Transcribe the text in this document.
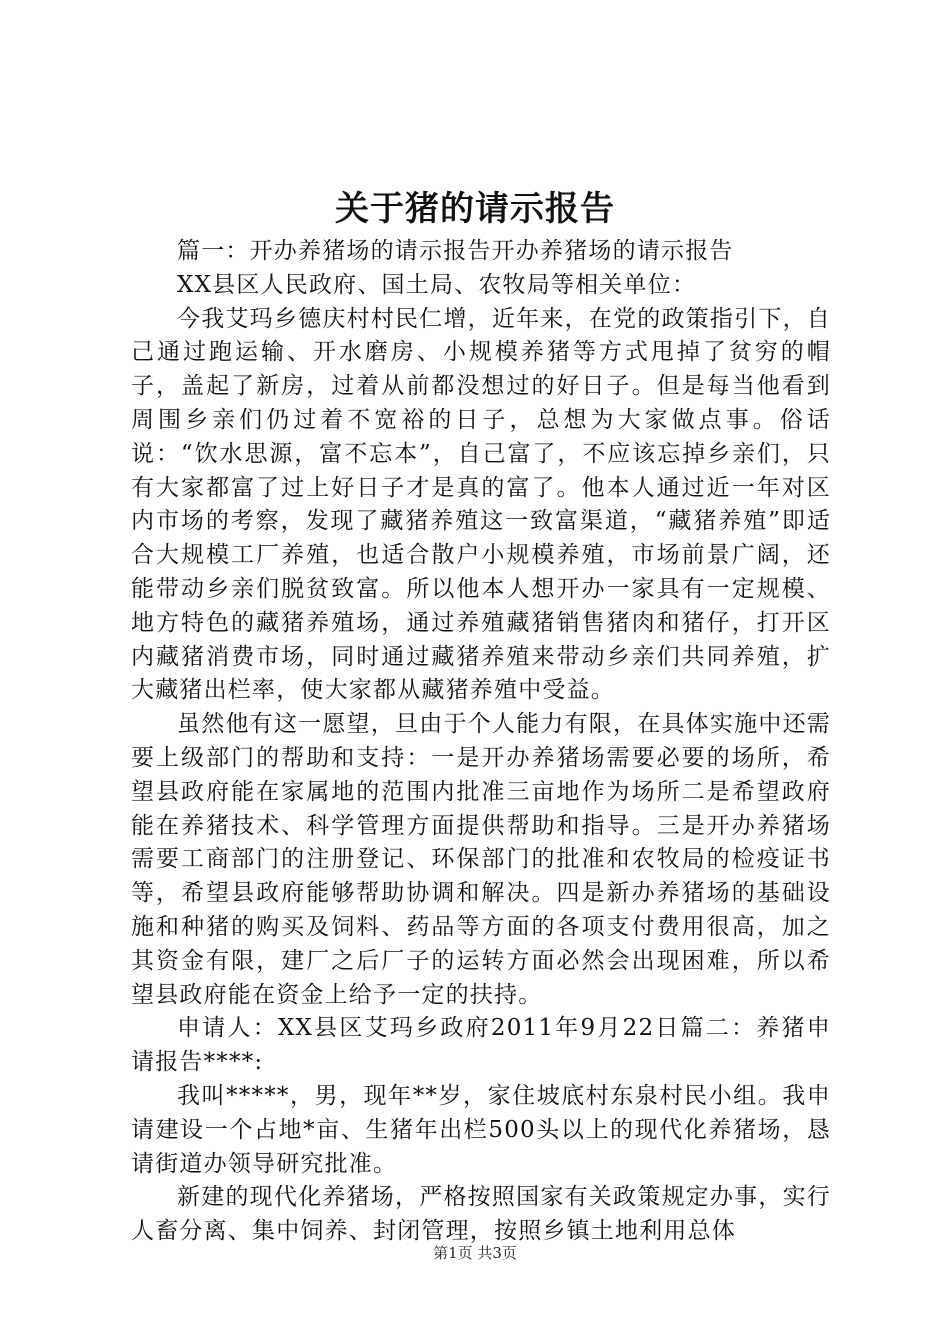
关于猪的请示报告

篇一：开办养猪场的请示报告开办养猪场的请示报告

XX县区人民政府、国土局、农牧局等相关单位：

今我艾玛乡德庆村村民仁增，近年来，在党的政策指引下，自己通过跑运输、开水磨房、小规模养猪等方式甩掉了贫穷的帽子，盖起了新房，过着从前都没想过的好日子。但是每当他看到周围乡亲们仍过着不宽裕的日子，总想为大家做点事。俗话说：“饮水思源，富不忘本”，自己富了，不应该忘掉乡亲们，只有大家都富了过上好日子才是真的富了。他本人通过近一年对区内市场的考察，发现了藏猪养殖这一致富渠道，“藏猪养殖”即适合大规模工厂养殖，也适合散户小规模养殖，市场前景广阔，还能带动乡亲们脱贫致富。所以他本人想开办一家具有一定规模、地方特色的藏猪养殖场，通过养殖藏猪销售猪肉和猪仔，打开区内藏猪消费市场，同时通过藏猪养殖来带动乡亲们共同养殖，扩大藏猪出栏率，使大家都从藏猪养殖中受益。

虽然他有这一愿望，旦由于个人能力有限，在具体实施中还需要上级部门的帮助和支持：一是开办养猪场需要必要的场所，希望县政府能在家属地的范围内批准三亩地作为场所二是希望政府能在养猪技术、科学管理方面提供帮助和指导。三是开办养猪场需要工商部门的注册登记、环保部门的批准和农牧局的检疫证书等，希望县政府能够帮助协调和解决。四是新办养猪场的基础设施和种猪的购买及饲料、药品等方面的各项支付费用很高，加之其资金有限，建厂之后厂子的运转方面必然会出现困难，所以希望县政府能在资金上给予一定的扶持。

申请人：XX县区艾玛乡政府2011年9月22日篇二：养猪申请报告****:

我叫*****，男，现年**岁，家住坡底村东泉村民小组。我申请建设一个占地*亩、生猪年出栏500头以上的现代化养猪场，恳请街道办领导研究批准。

新建的现代化养猪场，严格按照国家有关政策规定办事，实行人畜分离、集中饲养、封闭管理，按照乡镇土地利用总体

第1页 共3页
